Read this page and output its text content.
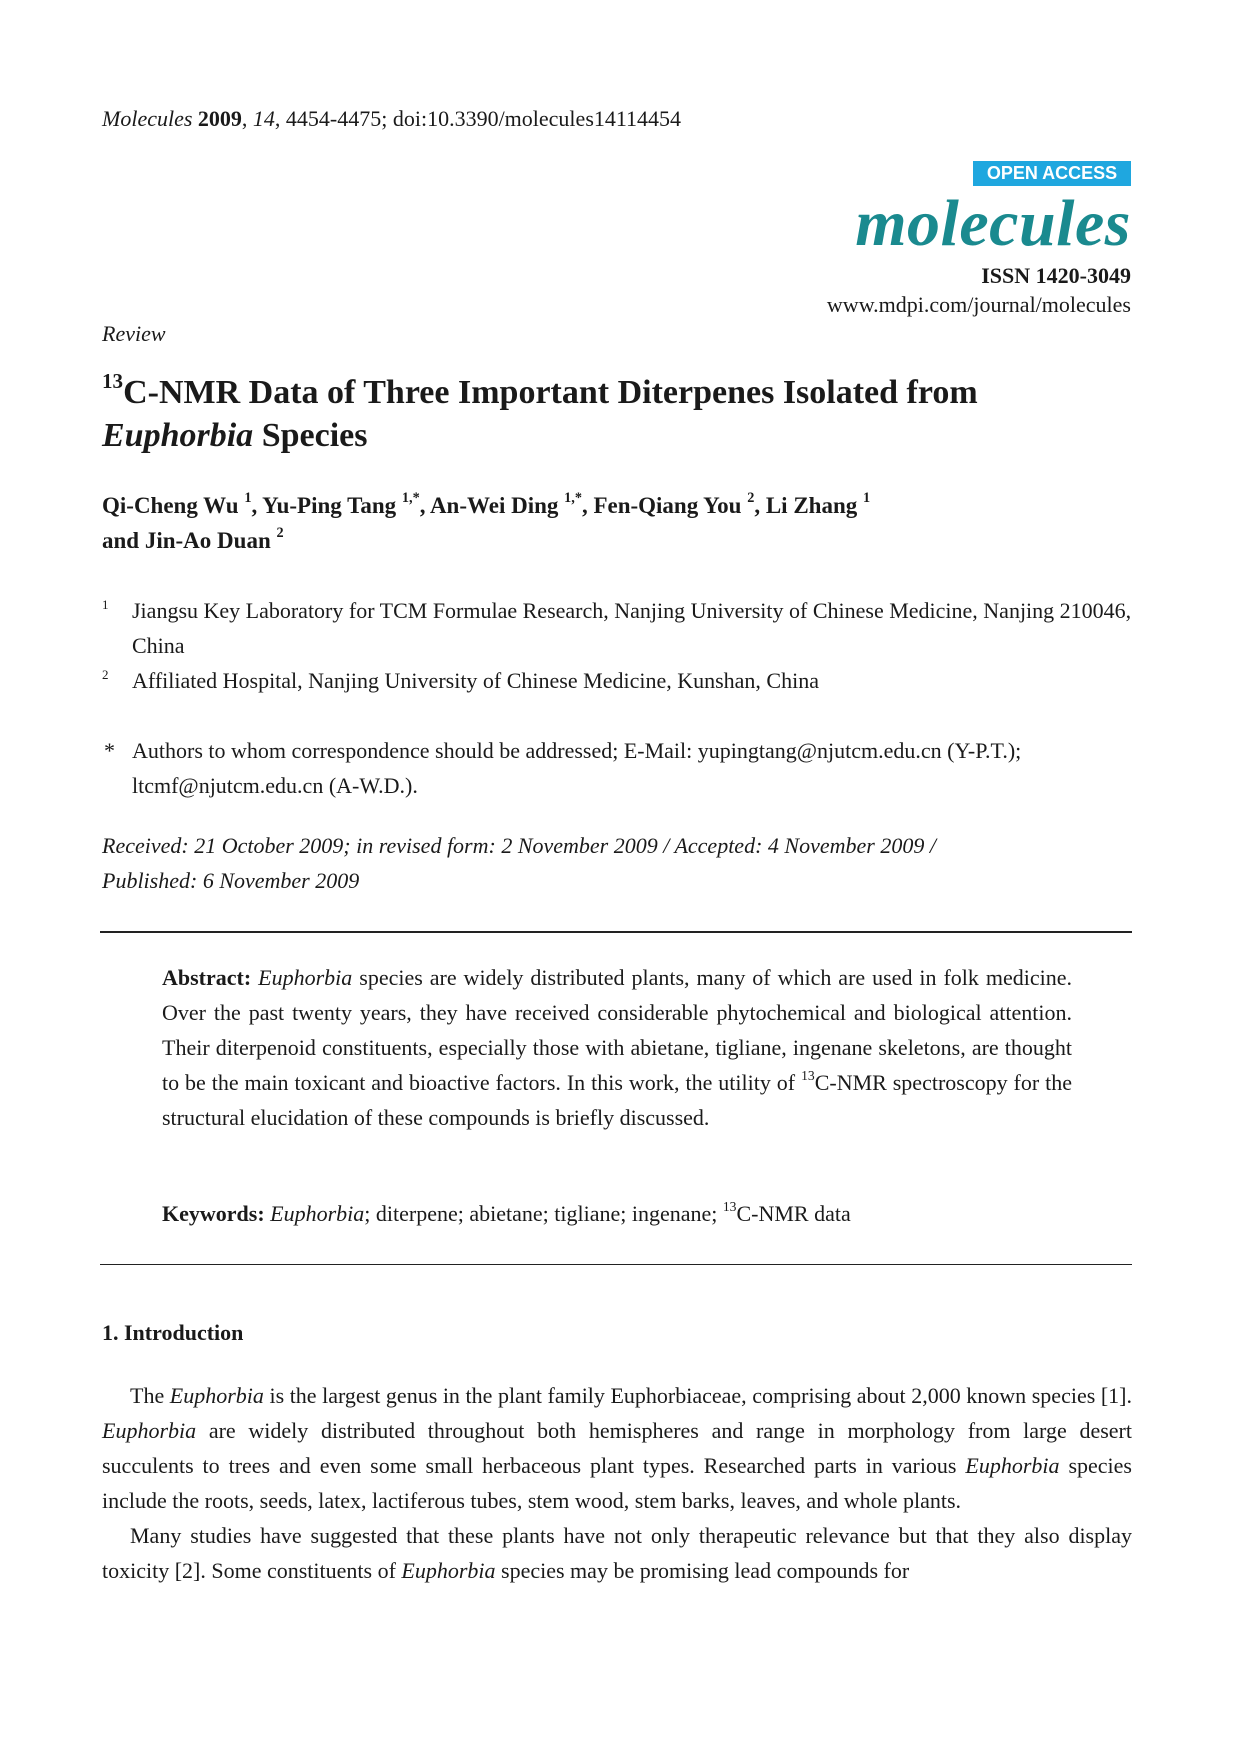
Molecules 2009, 14, 4454-4475; doi:10.3390/molecules14114454
OPEN ACCESS
molecules
ISSN 1420-3049
www.mdpi.com/journal/molecules
Review
$^{13}$C-NMR Data of Three Important Diterpenes Isolated from
Euphorbia Species
Qi-Cheng Wu $^1$, Yu-Ping Tang $^{1,*}$, An-Wei Ding $^{1,*}$, Fen-Qiang You $^2$, Li Zhang $^1$
and Jin-Ao Duan $^2$
1 Jiangsu Key Laboratory for TCM Formulae Research, Nanjing University of Chinese Medicine, Nanjing 210046, China
2 Affiliated Hospital, Nanjing University of Chinese Medicine, Kunshan, China
* Authors to whom correspondence should be addressed; E-Mail: yupingtang@njutcm.edu.cn (Y-P.T.); ltcmf@njutcm.edu.cn (A-W.D.).
Received: 21 October 2009; in revised form: 2 November 2009 / Accepted: 4 November 2009 /
Published: 6 November 2009
Abstract: Euphorbia species are widely distributed plants, many of which are used in folk medicine. Over the past twenty years, they have received considerable phytochemical and biological attention. Their diterpenoid constituents, especially those with abietane, tigliane, ingenane skeletons, are thought to be the main toxicant and bioactive factors. In this work, the utility of $^{13}$C-NMR spectroscopy for the structural elucidation of these compounds is briefly discussed.
Keywords: Euphorbia; diterpene; abietane; tigliane; ingenane; $^{13}$C-NMR data
1. Introduction

The Euphorbia is the largest genus in the plant family Euphorbiaceae, comprising about 2,000 known species [1]. Euphorbia are widely distributed throughout both hemispheres and range in morphology from large desert succulents to trees and even some small herbaceous plant types. Researched parts in various Euphorbia species include the roots, seeds, latex, lactiferous tubes, stem wood, stem barks, leaves, and whole plants.

Many studies have suggested that these plants have not only therapeutic relevance but that they also display toxicity [2]. Some constituents of Euphorbia species may be promising lead compounds for
